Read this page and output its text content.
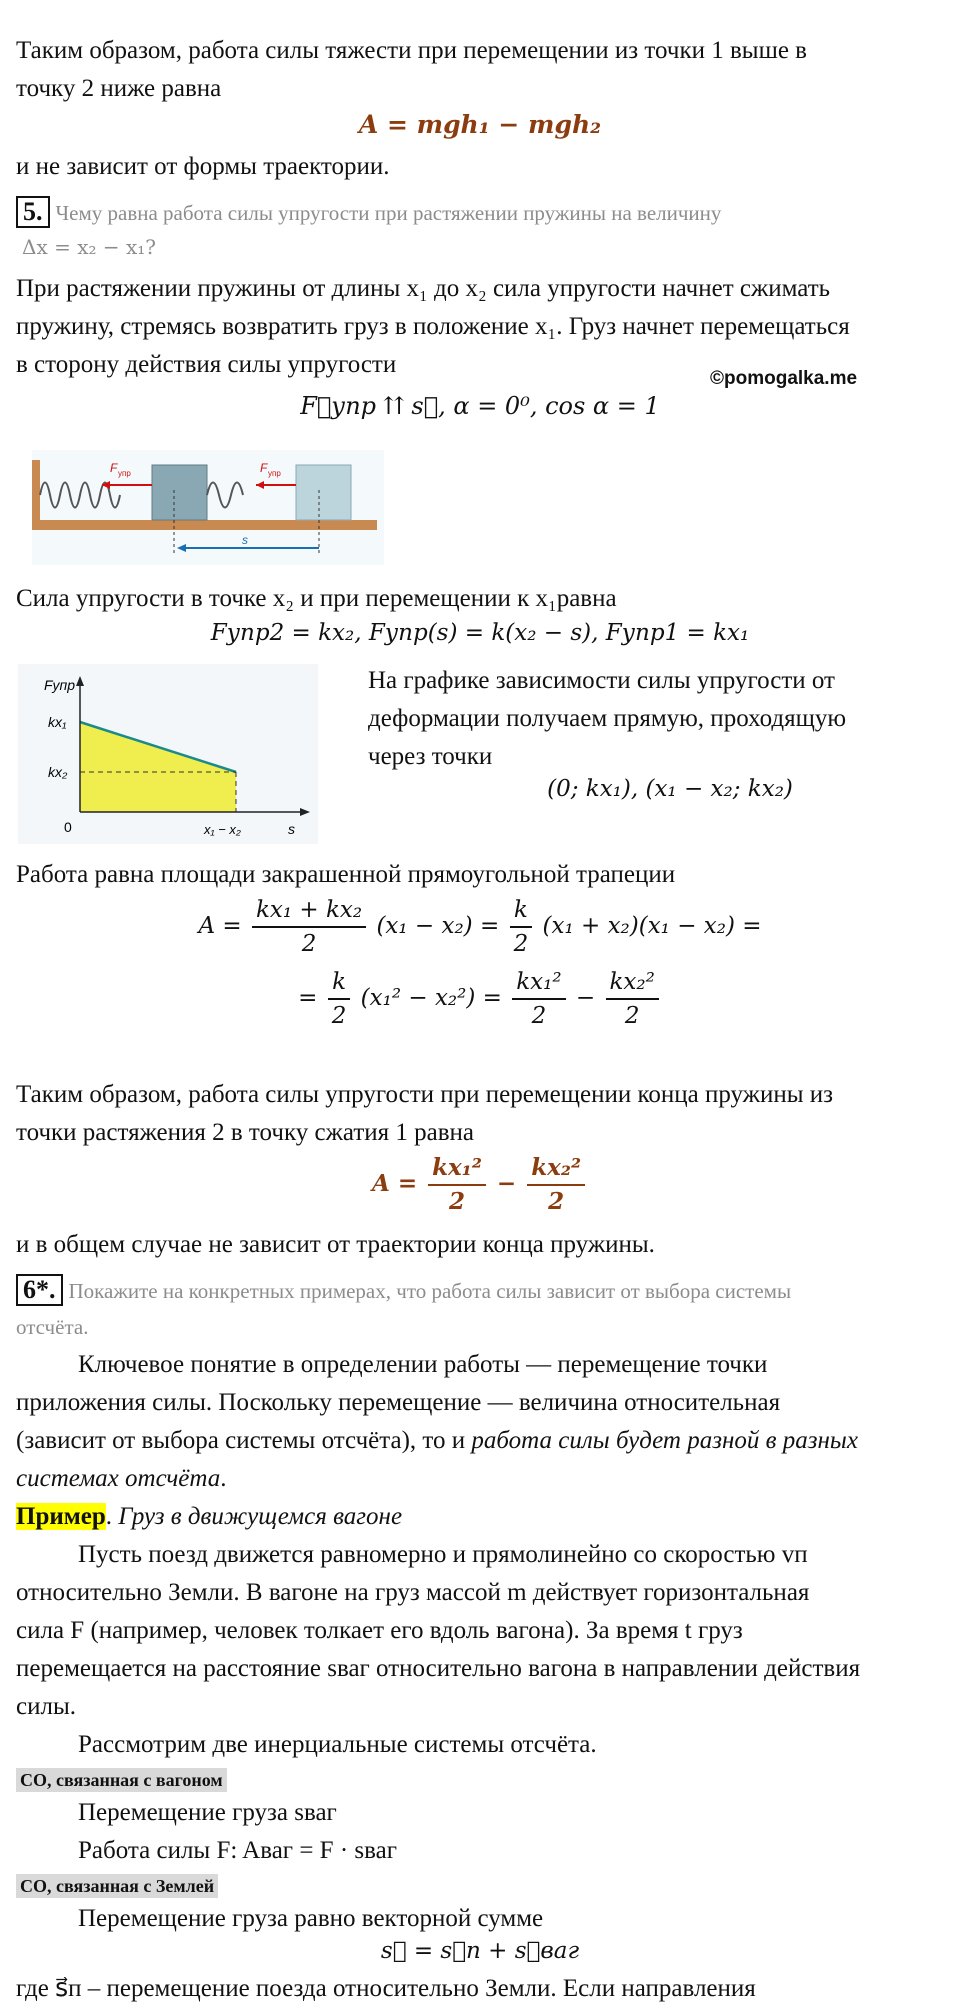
Таким образом, работа силы тяжести при перемещении из точки 1 выше в

точку 2 ниже равна

A = mgh₁ − mgh₂

и не зависит от формы траектории.

5. Чему равна работа силы упругости при растяжении пружины на величину
Δx = x₂ − x₁?

При растяжении пружины от длины x₁ до x₂ сила упругости начнет сжимать

пружину, стремясь возвратить груз в положение x₁. Груз начнет перемещаться

в сторону действия силы упругости

©pomogalka.me
F⃗упр ⇈ s⃗, α = 0⁰, cos α = 1
F упр	F упр
s

Сила упругости в точке x₂ и при перемещении к x₁равна

Fупр2 = kx₂, Fупр(s) = k(x₂ − s), Fупр1 = kx₁
Fупр
kx₁
kx₂
0	x₁ − x₂	s

На графике зависимости силы упругости от

деформации получаем прямую, проходящую

через точки

(0; kx₁), (x₁ − x₂; kx₂)

Работа равна площади закрашенной прямоугольной трапеции

$A = \frac{\text{kx₁ + kx₂}}{2} (x_1 - x_2) = \frac{k}{2} (x_1 + x_2)(x_1 - x_2)$ =
= $\frac{k}{2} (x_1^2 - x_2^2) = \frac{\text{kx₁²}}{2} - \frac{\text{kx₂²}}{2}$

Таким образом, работа силы упругости при перемещении конца пружины из

точки растяжения 2 в точку сжатия 1 равна

$A = \frac{\text{kx₁²}}{2} - \frac{\text{kx₂²}}{2}$

и в общем случае не зависит от траектории конца пружины.

6*. Покажите на конкретных примерах, что работа силы зависит от выбора системы
отсчёта.

Ключевое понятие в определении работы — перемещение точки

приложения силы. Поскольку перемещение — величина относительная

(зависит от выбора системы отсчёта), то и работа силы будет разной в разных

системах отсчёта.

Пример. Груз в движущемся вагоне

Пусть поезд движется равномерно и прямолинейно со скоростью vп

относительно Земли. В вагоне на груз массой m действует горизонтальная

сила F (например, человек толкает его вдоль вагона). За время t груз

перемещается на расстояние sваг относительно вагона в направлении действия

силы.

Рассмотрим две инерциальные системы отсчёта.

СО, связанная с вагоном

Перемещение груза sваг

Работа силы F: Aваг = F · sваг

СО, связанная с Землей

Перемещение груза равно векторной сумме

s⃗ = s⃗п + s⃗ваг

где s⃗п – перемещение поезда относительно Земли. Если направления
